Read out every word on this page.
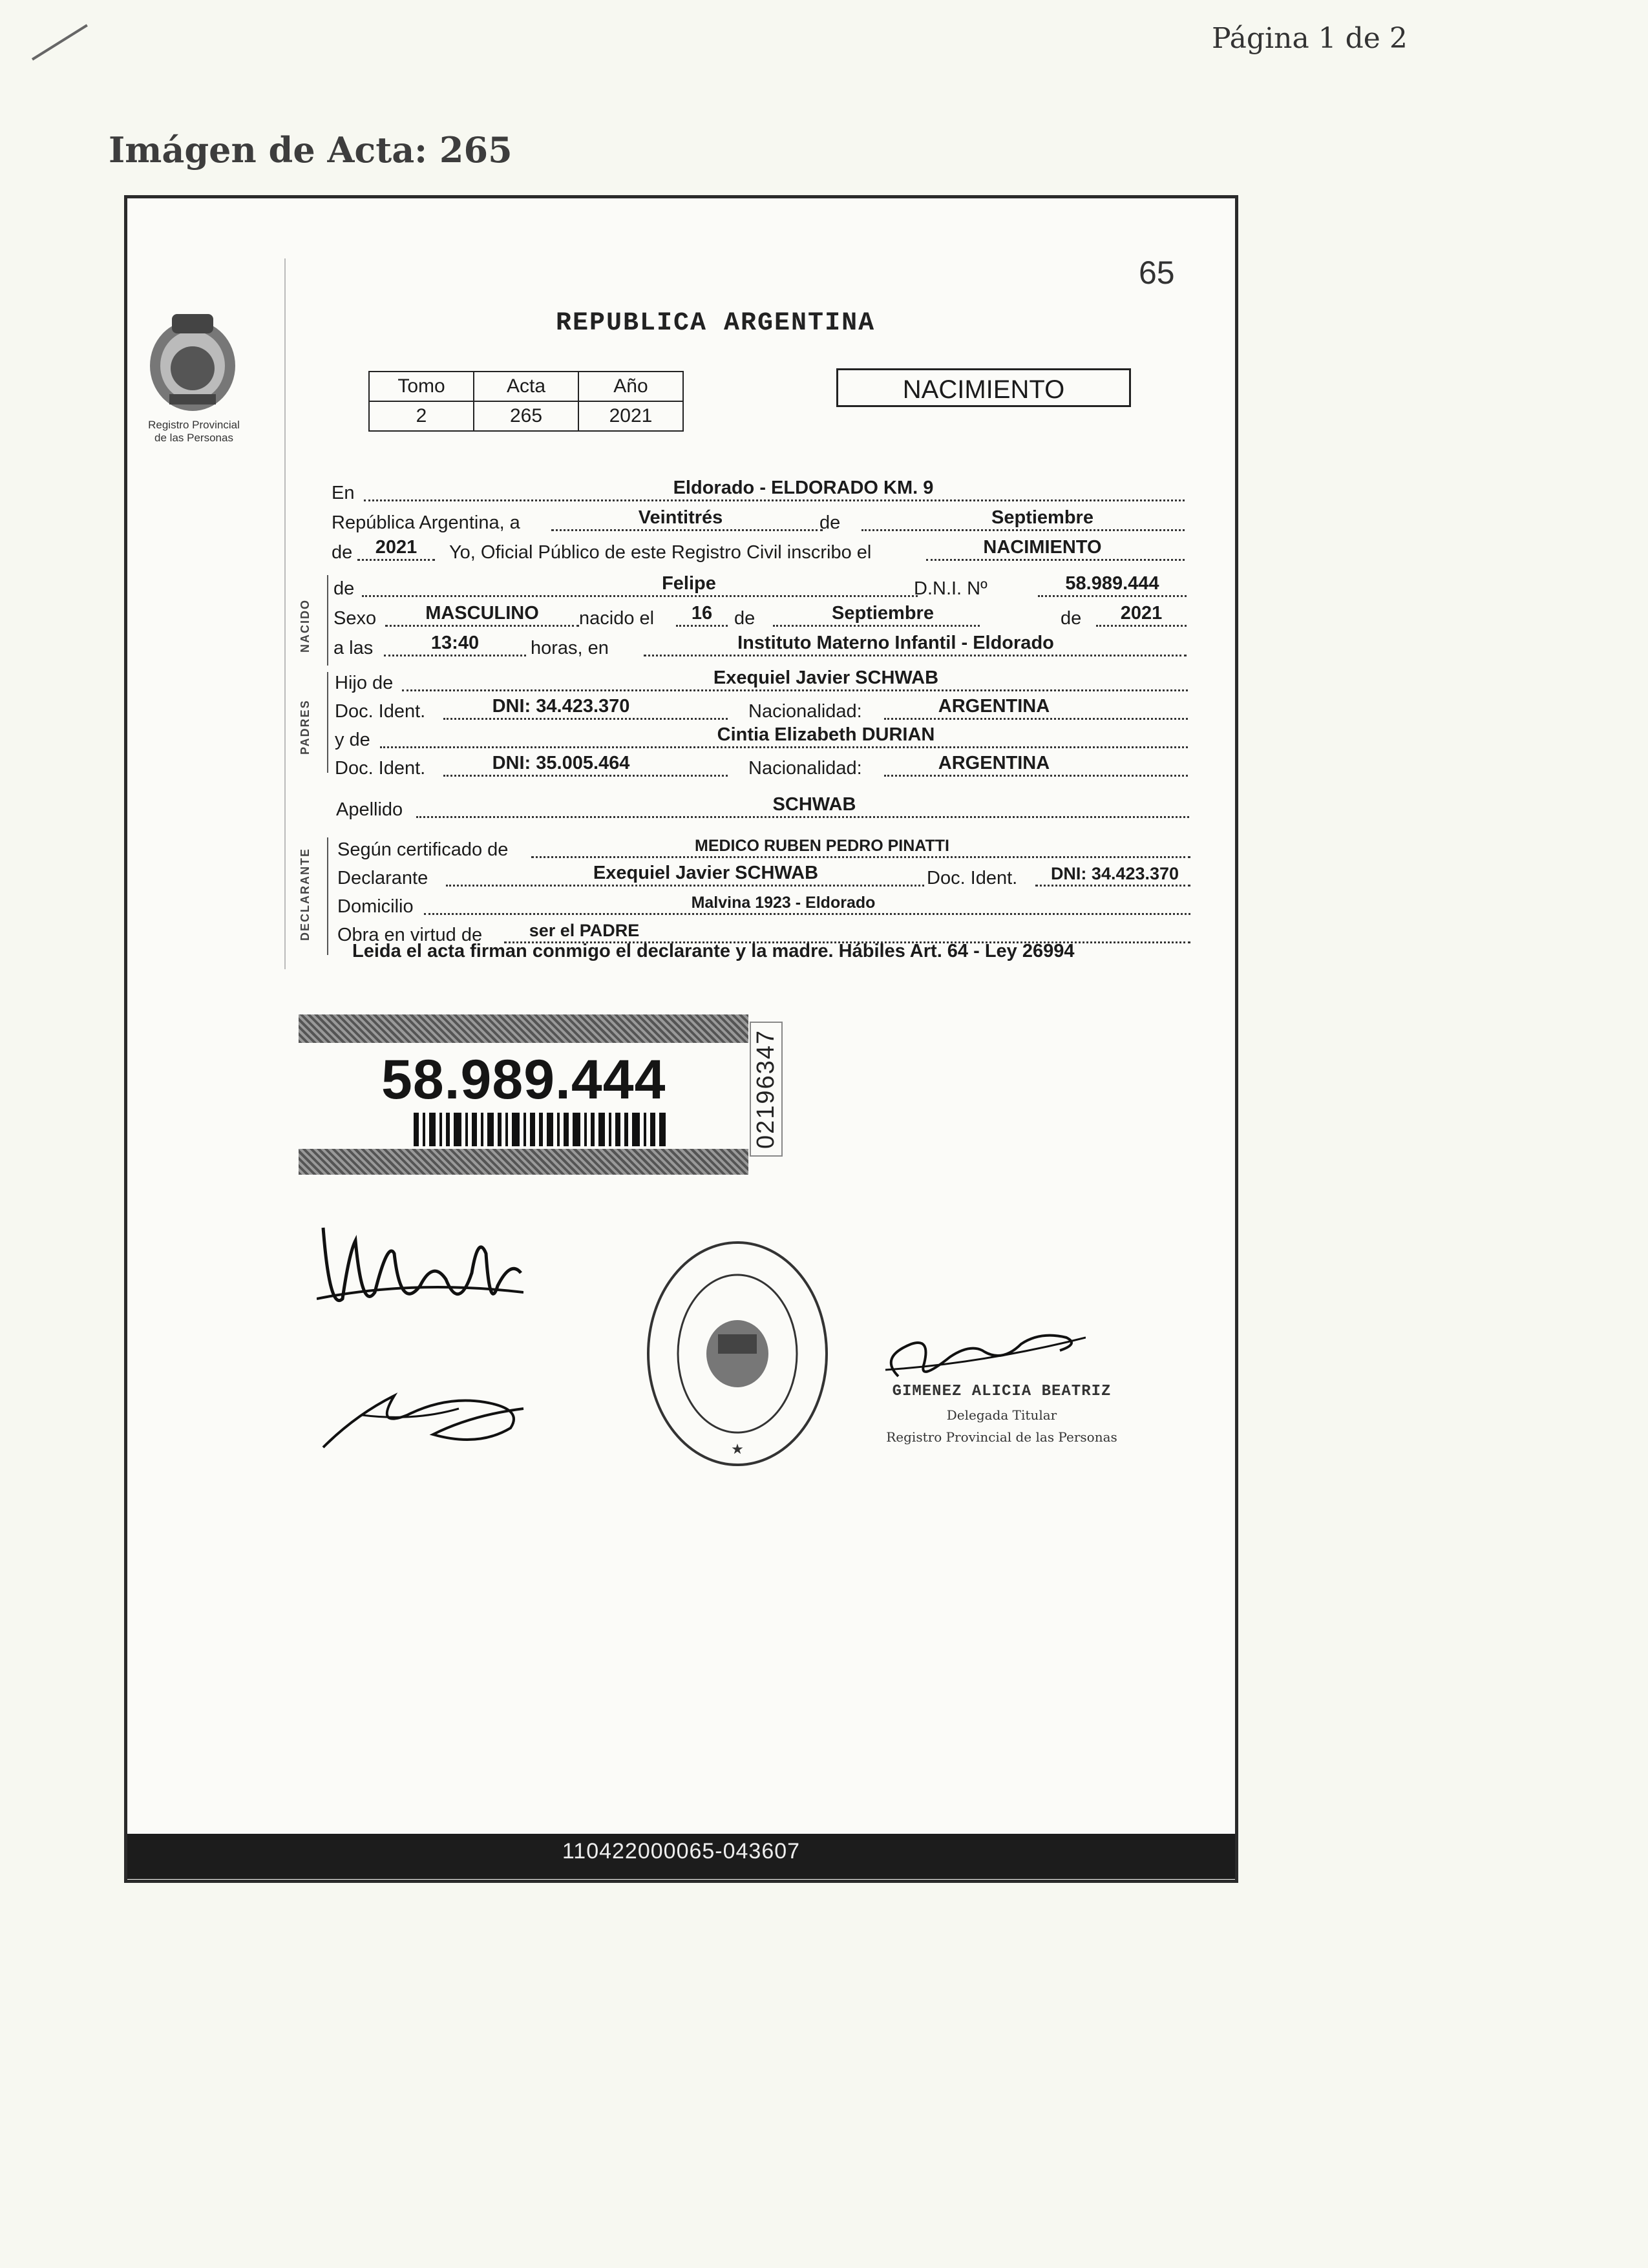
Página 1 de 2
Imágen de Acta: 265
65
REPUBLICA ARGENTINA
Registro Provincial
de las Personas
Tomo	Acta	Año
2	265	2021
NACIMIENTO
En	Eldorado - ELDORADO KM. 9
República Argentina, a	Veintitrés	de	Septiembre
de	2021	Yo, Oficial Público de este Registro Civil inscribo el	NACIMIENTO
NACIDO
de	Felipe	D.N.I. Nº	58.989.444
Sexo	MASCULINO	nacido el	16	de	Septiembre	de	2021
a las	13:40	horas, en	Instituto Materno Infantil - Eldorado
PADRES
Hijo de	Exequiel Javier SCHWAB
Doc. Ident.	DNI: 34.423.370	Nacionalidad:	ARGENTINA
y de	Cintia Elizabeth DURIAN
Doc. Ident.	DNI: 35.005.464	Nacionalidad:	ARGENTINA
Apellido	SCHWAB
DECLARANTE Según certificado de	MEDICO RUBEN PEDRO PINATTI
Declarante	Exequiel Javier SCHWAB	Doc. Ident.	DNI: 34.423.370
Domicilio	Malvina 1923 - Eldorado
Obra en virtud de	ser el PADRE
Leida el acta firman conmigo el declarante y la madre. Hábiles Art. 64 - Ley 26994
58.989.444	02196347
★
GIMENEZ ALICIA BEATRIZ
Delegada Titular
Registro Provincial de las Personas
110422000065-043607
